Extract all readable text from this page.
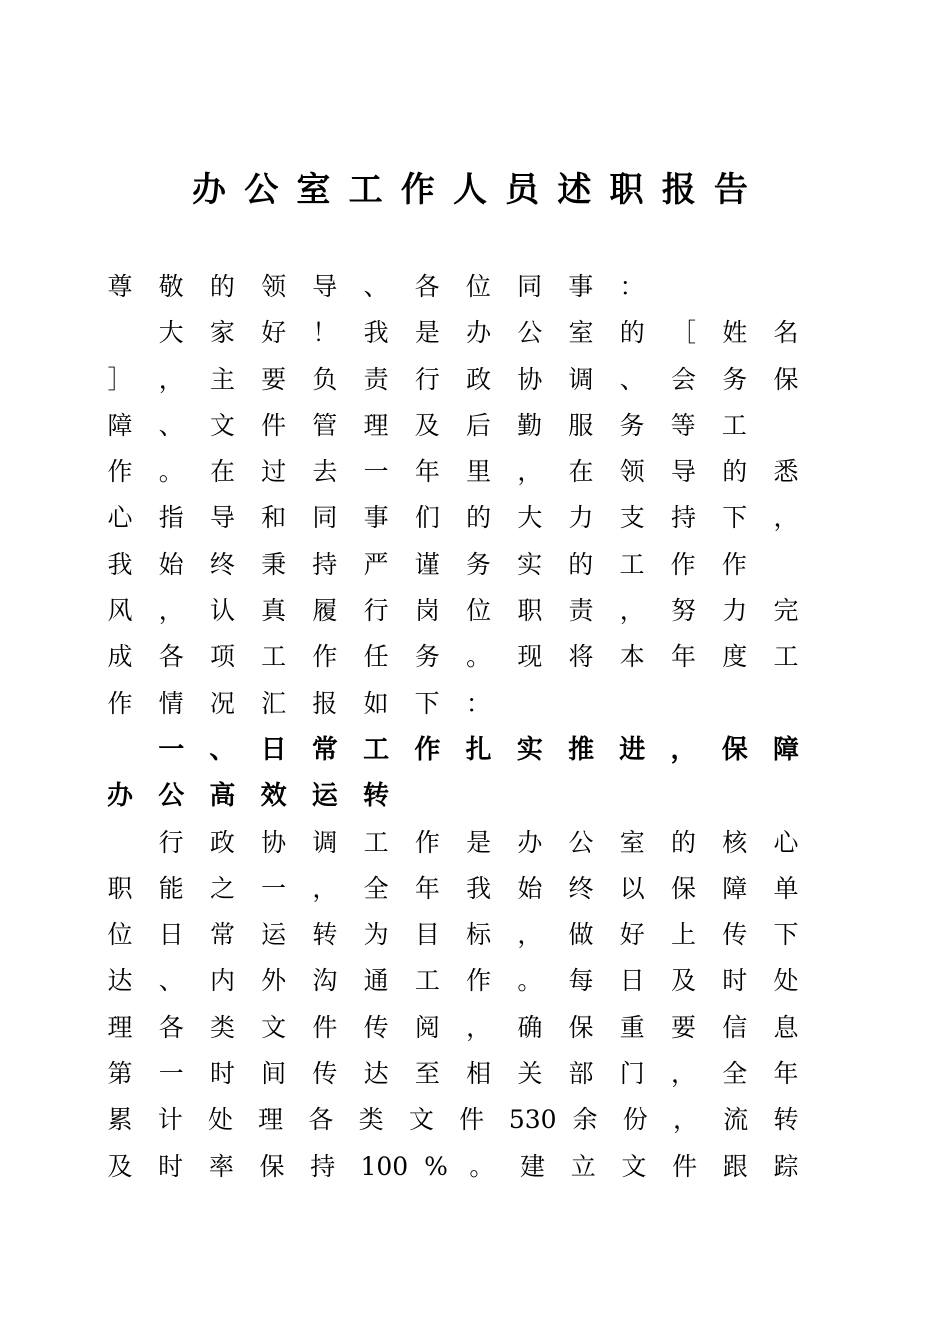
办 公 室 工 作 人 员 述 职 报 告
尊 敬 的 领 导 、 各 位 同 事 ：
大 家 好 ！ 我 是 办 公 室 的 ［ 姓 名
］ ， 主 要 负 责 行 政 协 调 、 会 务 保
障 、 文 件 管 理 及 后 勤 服 务 等 工
作 。 在 过 去 一 年 里 ， 在 领 导 的 悉
心 指 导 和 同 事 们 的 大 力 支 持 下 ，
我 始 终 秉 持 严 谨 务 实 的 工 作 作
风 ， 认 真 履 行 岗 位 职 责 ， 努 力 完
成 各 项 工 作 任 务 。 现 将 本 年 度 工
作 情 况 汇 报 如 下 ：
一 、 日 常 工 作 扎 实 推 进 ， 保 障
办 公 高 效 运 转
行 政 协 调 工 作 是 办 公 室 的 核 心
职 能 之 一 ， 全 年 我 始 终 以 保 障 单
位 日 常 运 转 为 目 标 ， 做 好 上 传 下
达 、 内 外 沟 通 工 作 。 每 日 及 时 处
理 各 类 文 件 传 阅 ， 确 保 重 要 信 息
第 一 时 间 传 达 至 相 关 部 门 ， 全 年
累 计 处 理 各 类 文 件 530 余 份 ， 流 转
及 时 率 保 持 100 % 。 建 立 文 件 跟 踪
